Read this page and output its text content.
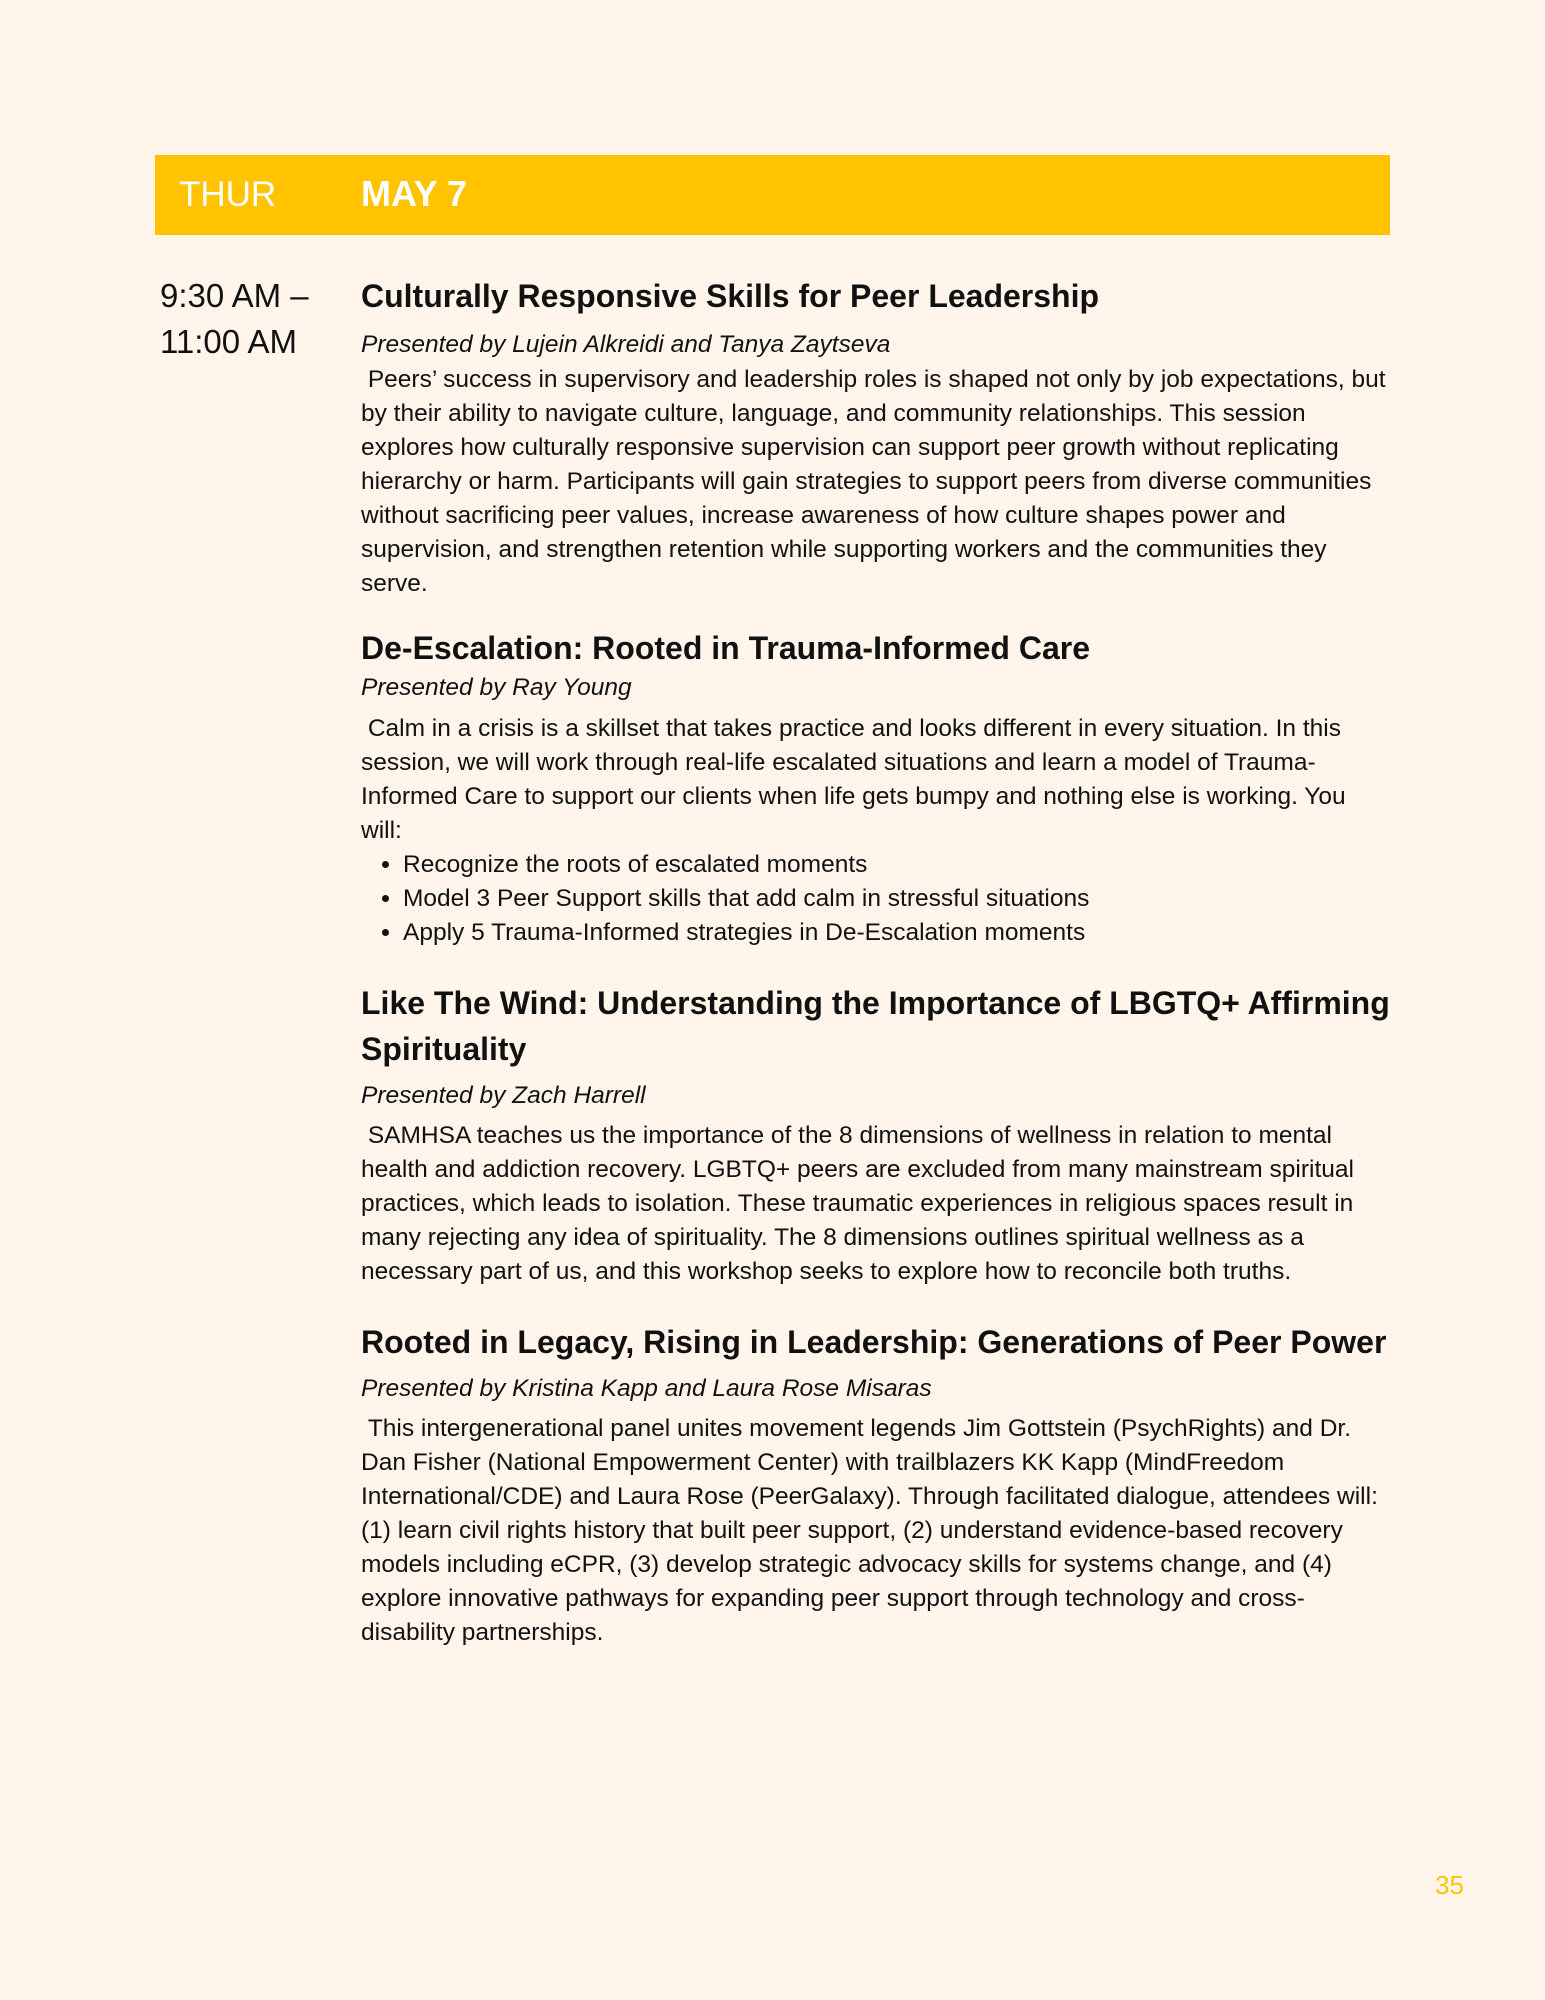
THUR MAY 7
9:30 AM –
11:00 AM
Culturally Responsive Skills for Peer Leadership

Presented by Lujein Alkreidi and Tanya Zaytseva

Peers’ success in supervisory and leadership roles is shaped not only by job expectations, but by their ability to navigate culture, language, and community relationships. This session explores how culturally responsive supervision can support peer growth without replicating hierarchy or harm. Participants will gain strategies to support peers from diverse communities without sacrificing peer values, increase awareness of how culture shapes power and supervision, and strengthen retention while supporting workers and the communities they serve.

De-Escalation: Rooted in Trauma-Informed Care

Presented by Ray Young

Calm in a crisis is a skillset that takes practice and looks different in every situation. In this session, we will work through real-life escalated situations and learn a model of Trauma-Informed Care to support our clients when life gets bumpy and nothing else is working. You will:

• Recognize the roots of escalated moments
• Model 3 Peer Support skills that add calm in stressful situations
• Apply 5 Trauma-Informed strategies in De-Escalation moments
Like The Wind: Understanding the Importance of LBGTQ+ Affirming Spirituality

Presented by Zach Harrell

SAMHSA teaches us the importance of the 8 dimensions of wellness in relation to mental health and addiction recovery. LGBTQ+ peers are excluded from many mainstream spiritual practices, which leads to isolation. These traumatic experiences in religious spaces result in many rejecting any idea of spirituality. The 8 dimensions outlines spiritual wellness as a necessary part of us, and this workshop seeks to explore how to reconcile both truths.

Rooted in Legacy, Rising in Leadership: Generations of Peer Power

Presented by Kristina Kapp and Laura Rose Misaras

This intergenerational panel unites movement legends Jim Gottstein (PsychRights) and Dr. Dan Fisher (National Empowerment Center) with trailblazers KK Kapp (MindFreedom International/CDE) and Laura Rose (PeerGalaxy). Through facilitated dialogue, attendees will: (1) learn civil rights history that built peer support, (2) understand evidence-based recovery models including eCPR, (3) develop strategic advocacy skills for systems change, and (4) explore innovative pathways for expanding peer support through technology and cross-disability partnerships.

35
